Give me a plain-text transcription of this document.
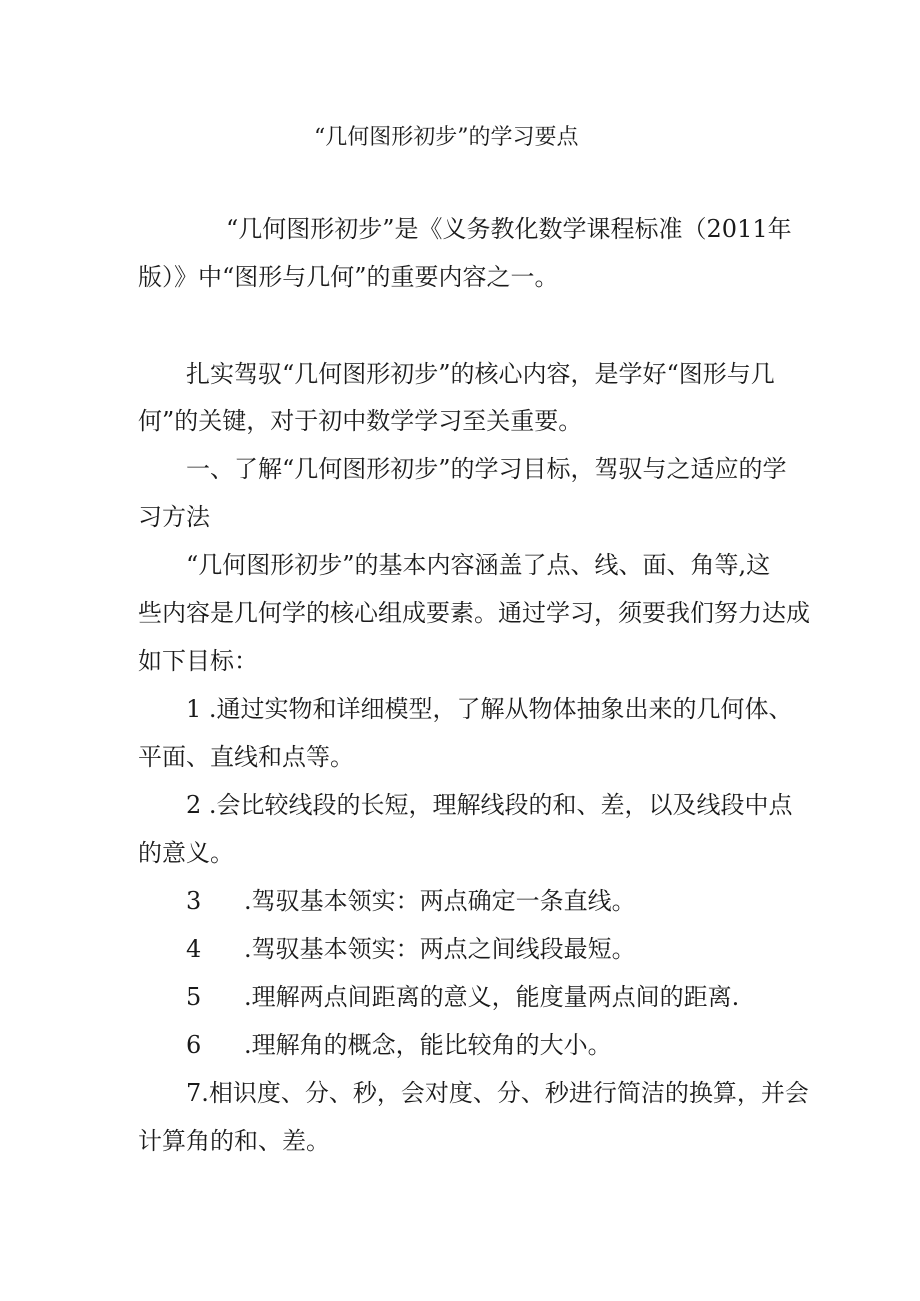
“几何图形初步”的学习要点
“几何图形初步”是《义务教化数学课程标准（2011年
版）》中“图形与几何”的重要内容之一。
扎实驾驭“几何图形初步”的核心内容，是学好“图形与几
何”的关键，对于初中数学学习至关重要。
一、了解“几何图形初步”的学习目标，驾驭与之适应的学
习方法
“几何图形初步”的基本内容涵盖了点、线、面、角等,这
些内容是几何学的核心组成要素。通过学习，须要我们努力达成
如下目标：
1 .通过实物和详细模型，了解从物体抽象出来的几何体、
平面、直线和点等。
2 .会比较线段的长短，理解线段的和、差，以及线段中点
的意义。
3 .驾驭基本领实：两点确定一条直线。
4 .驾驭基本领实：两点之间线段最短。
5 .理解两点间距离的意义，能度量两点间的距离.
6 .理解角的概念，能比较角的大小。
7.相识度、分、秒，会对度、分、秒进行简洁的换算，并会
计算角的和、差。
